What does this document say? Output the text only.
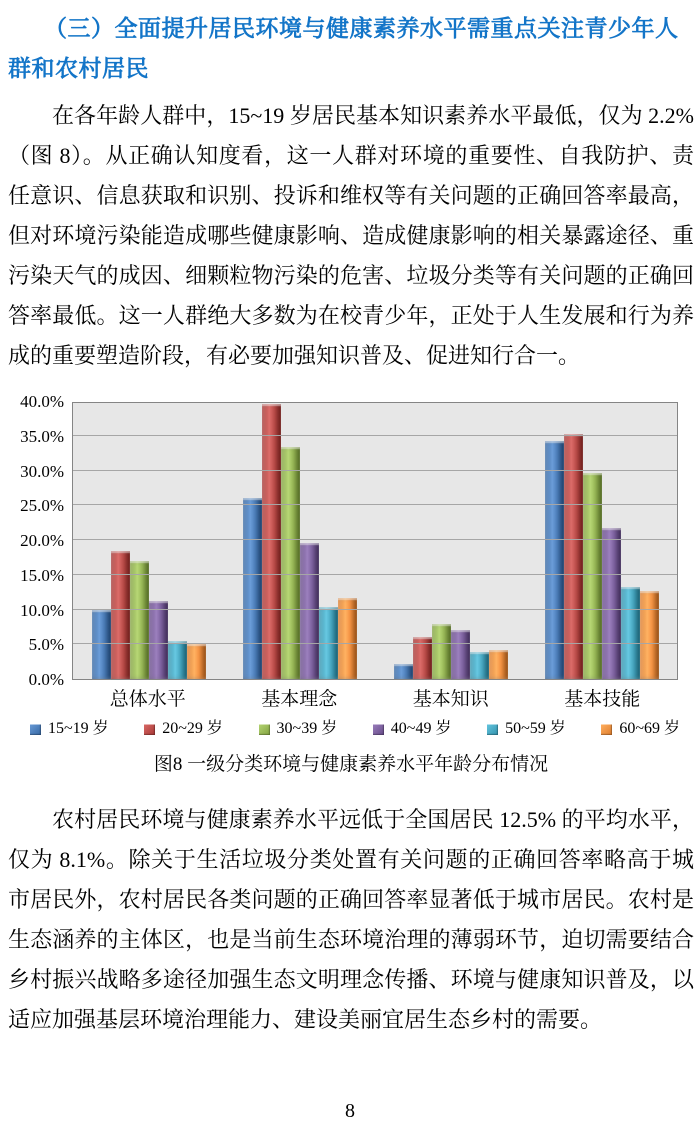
（三）全面提升居民环境与健康素养水平需重点关注青少年人群和农村居民

在各年龄人群中，15~19 岁居民基本知识素养水平最低，仅为 2.2%（图 8）。从正确认知度看，这一人群对环境的重要性、自我防护、责任意识、信息获取和识别、投诉和维权等有关问题的正确回答率最高，但对环境污染能造成哪些健康影响、造成健康影响的相关暴露途径、重污染天气的成因、细颗粒物污染的危害、垃圾分类等有关问题的正确回答率最低。这一人群绝大多数为在校青少年，正处于人生发展和行为养成的重要塑造阶段，有必要加强知识普及、促进知行合一。

40.0%
35.0%
30.0%
25.0%
20.0%
15.0%
10.0%
5.0%
0.0%
总体水平	基本理念	基本知识	基本技能
15~19 岁	20~29 岁	30~39 岁	40~49 岁	50~59 岁	60~69 岁
图8 一级分类环境与健康素养水平年龄分布情况

农村居民环境与健康素养水平远低于全国居民 12.5% 的平均水平，仅为 8.1%。除关于生活垃圾分类处置有关问题的正确回答率略高于城市居民外，农村居民各类问题的正确回答率显著低于城市居民。农村是生态涵养的主体区，也是当前生态环境治理的薄弱环节，迫切需要结合乡村振兴战略多途径加强生态文明理念传播、环境与健康知识普及，以适应加强基层环境治理能力、建设美丽宜居生态乡村的需要。

8
